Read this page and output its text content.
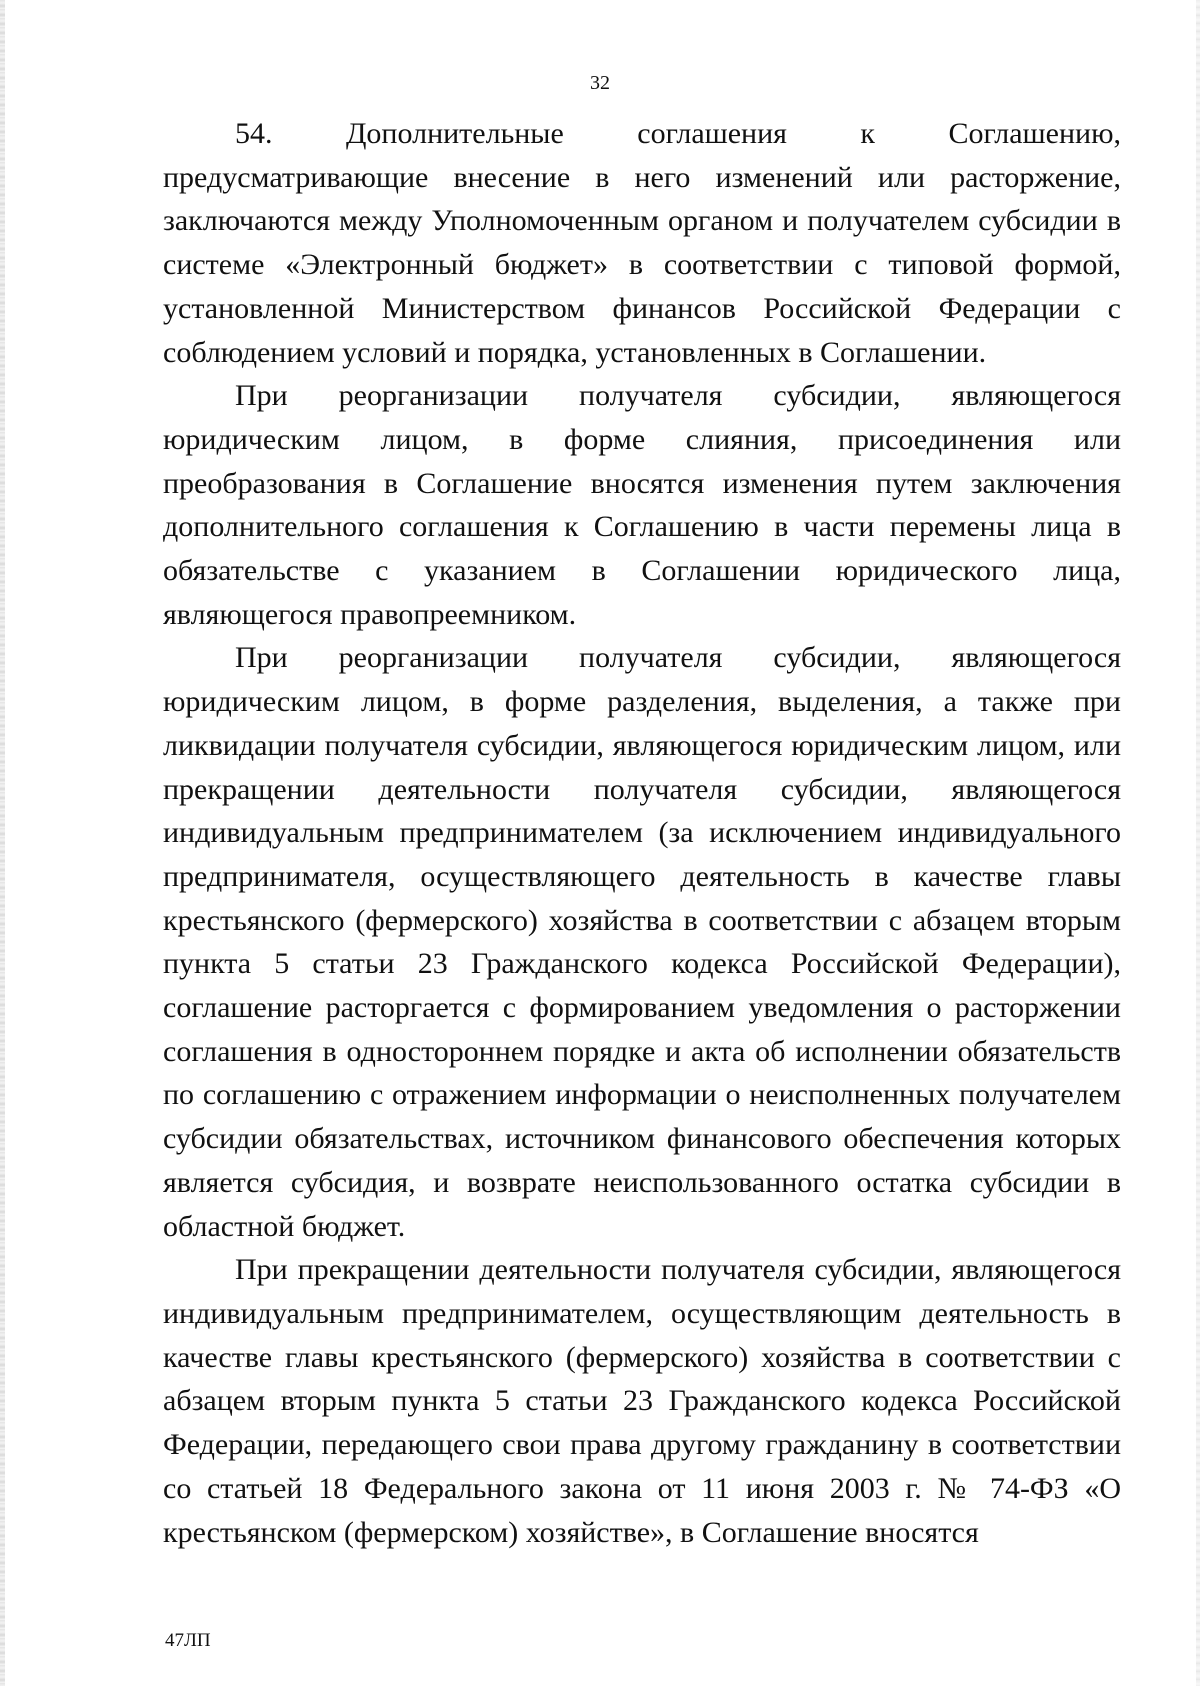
32

54. Дополнительные соглашения к Соглашению, предусматривающие внесение в него изменений или расторжение, заключаются между Уполномоченным органом и получателем субсидии в системе «Электронный бюджет» в соответствии с типовой формой, установленной Министерством финансов Российской Федерации с соблюдением условий и порядка, установленных в Соглашении.

При реорганизации получателя субсидии, являющегося юридическим лицом, в форме слияния, присоединения или преобразования в Соглашение вносятся изменения путем заключения дополнительного соглашения к Соглашению в части перемены лица в обязательстве с указанием в Соглашении юридического лица, являющегося правопреемником.

При реорганизации получателя субсидии, являющегося юридическим лицом, в форме разделения, выделения, а также при ликвидации получателя субсидии, являющегося юридическим лицом, или прекращении деятельности получателя субсидии, являющегося индивидуальным предпринимателем (за исключением индивидуального предпринимателя, осуществляющего деятельность в качестве главы крестьянского (фермерского) хозяйства в соответствии с абзацем вторым пункта 5 статьи 23 Гражданского кодекса Российской Федерации), соглашение расторгается с формированием уведомления о расторжении соглашения в одностороннем порядке и акта об исполнении обязательств по соглашению с отражением информации о неисполненных получателем субсидии обязательствах, источником финансового обеспечения которых является субсидия, и возврате неиспользованного остатка субсидии в областной бюджет.

При прекращении деятельности получателя субсидии, являющегося индивидуальным предпринимателем, осуществляющим деятельность в качестве главы крестьянского (фермерского) хозяйства в соответствии с абзацем вторым пункта 5 статьи 23 Гражданского кодекса Российской Федерации, передающего свои права другому гражданину в соответствии со статьей 18 Федерального закона от 11 июня 2003 г. № 74-ФЗ «О крестьянском (фермерском) хозяйстве», в Соглашение вносятся

47ЛП
